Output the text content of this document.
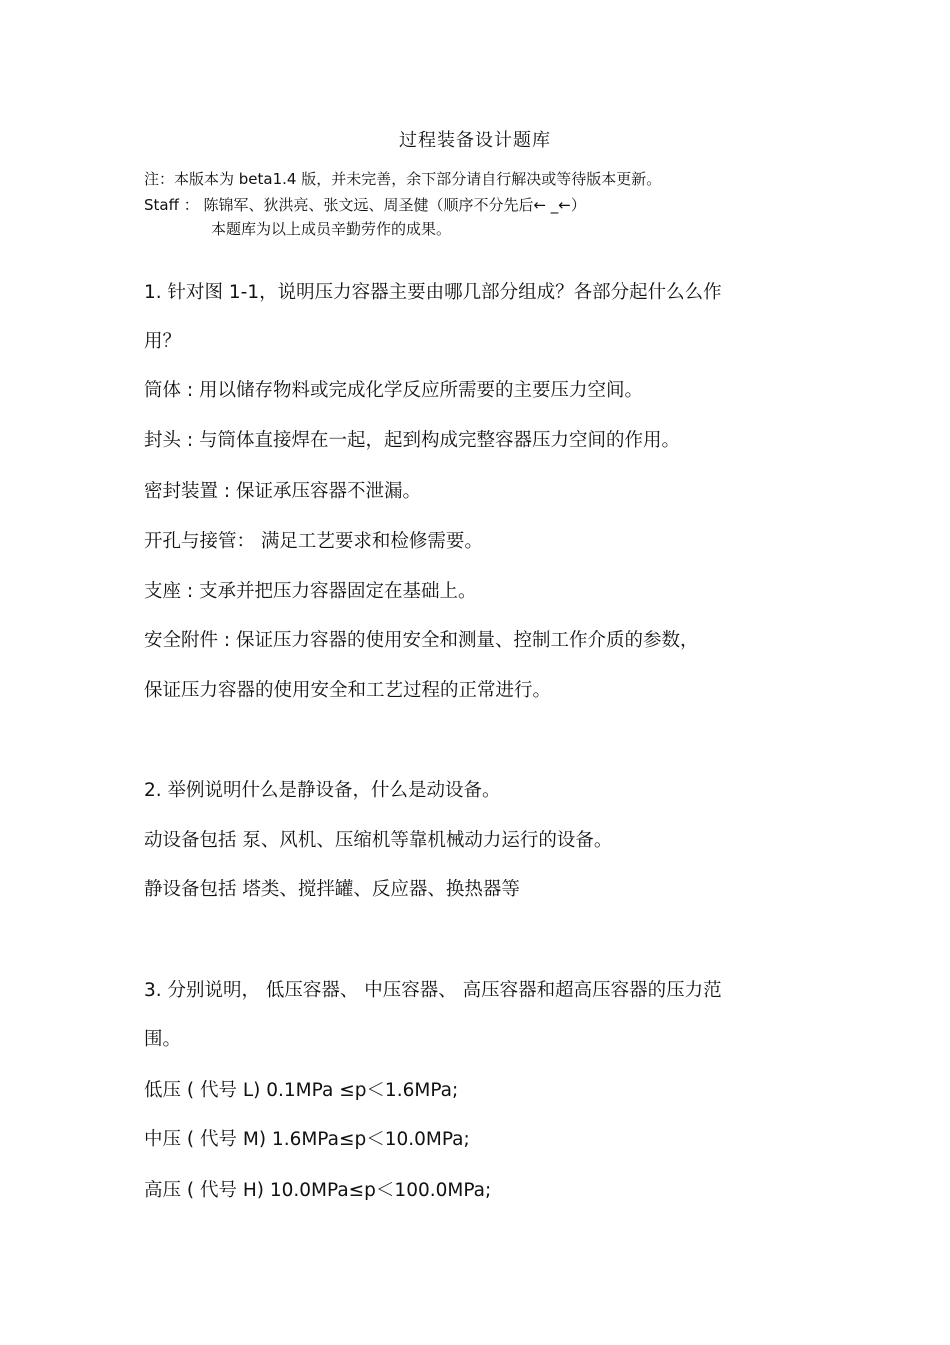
过程装备设计题库
注：本版本为 beta1.4 版，并未完善，余下部分请自行解决或等待版本更新。
Staff ： 陈锦军、狄洪亮、张文远、周圣健（顺序不分先后← _←）
本题库为以上成员辛勤劳作的成果。
1. 针对图 1-1，说明压力容器主要由哪几部分组成？各部分起什么么作
用？
筒体 : 用以储存物料或完成化学反应所需要的主要压力空间。
封头 : 与筒体直接焊在一起，起到构成完整容器压力空间的作用。
密封装置 : 保证承压容器不泄漏。
开孔与接管： 满足工艺要求和检修需要。
支座 : 支承并把压力容器固定在基础上。
安全附件 : 保证压力容器的使用安全和测量、控制工作介质的参数，
保证压力容器的使用安全和工艺过程的正常进行。
2. 举例说明什么是静设备，什么是动设备。
动设备包括 泵、风机、压缩机等靠机械动力运行的设备。
静设备包括 塔类、搅拌罐、反应器、换热器等
3. 分别说明， 低压容器、 中压容器、 高压容器和超高压容器的压力范
围。
低压 ( 代号 L) 0.1MPa ≤p＜1.6MPa;
中压 ( 代号 M) 1.6MPa≤p＜10.0MPa;
高压 ( 代号 H) 10.0MPa≤p＜100.0MPa;
